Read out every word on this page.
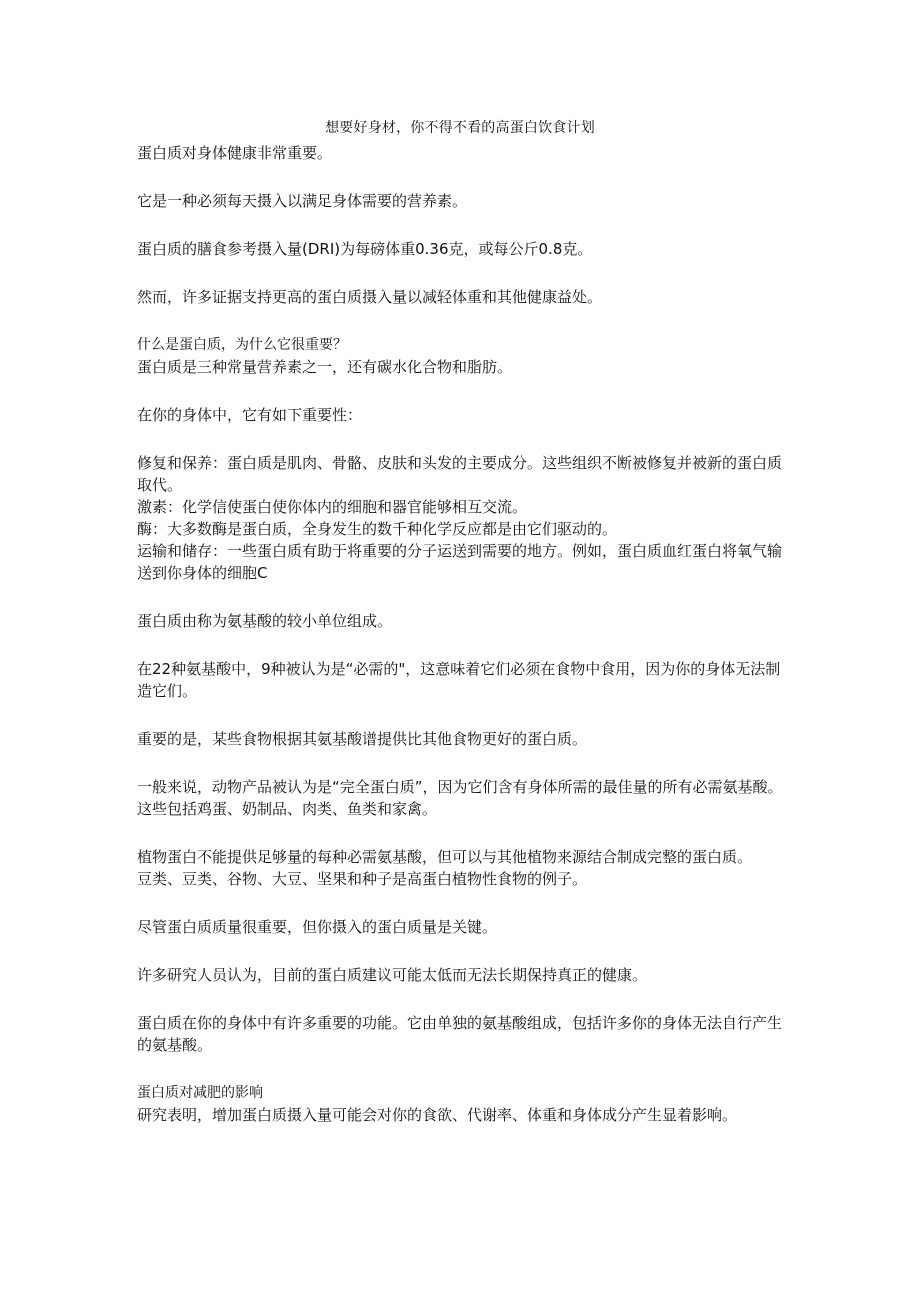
想要好身材，你不得不看的高蛋白饮食计划

蛋白质对身体健康非常重要。

它是一种必须每天摄入以满足身体需要的营养素。

蛋白质的膳食参考摄入量(DRI)为每磅体重0.36克，或每公斤0.8克。

然而，许多证据支持更高的蛋白质摄入量以减轻体重和其他健康益处。

什么是蛋白质，为什么它很重要？

蛋白质是三种常量营养素之一，还有碳水化合物和脂肪。

在你的身体中，它有如下重要性：

修复和保养：蛋白质是肌肉、骨骼、皮肤和头发的主要成分。这些组织不断被修复并被新的蛋白质取代。

激素：化学信使蛋白使你体内的细胞和器官能够相互交流。

酶：大多数酶是蛋白质，全身发生的数千种化学反应都是由它们驱动的。

运输和储存：一些蛋白质有助于将重要的分子运送到需要的地方。例如，蛋白质血红蛋白将氧气输送到你身体的细胞C

蛋白质由称为氨基酸的较小单位组成。

在22种氨基酸中，9种被认为是“必需的"，这意味着它们必须在食物中食用，因为你的身体无法制造它们。

重要的是，某些食物根据其氨基酸谱提供比其他食物更好的蛋白质。

一般来说，动物产品被认为是“完全蛋白质”，因为它们含有身体所需的最佳量的所有必需氨基酸。这些包括鸡蛋、奶制品、肉类、鱼类和家禽。

植物蛋白不能提供足够量的每种必需氨基酸，但可以与其他植物来源结合制成完整的蛋白质。

豆类、豆类、谷物、大豆、坚果和种子是高蛋白植物性食物的例子。

尽管蛋白质质量很重要，但你摄入的蛋白质量是关键。

许多研究人员认为，目前的蛋白质建议可能太低而无法长期保持真正的健康。

蛋白质在你的身体中有许多重要的功能。它由单独的氨基酸组成，包括许多你的身体无法自行产生的氨基酸。

蛋白质对减肥的影响

研究表明，增加蛋白质摄入量可能会对你的食欲、代谢率、体重和身体成分产生显着影响。
